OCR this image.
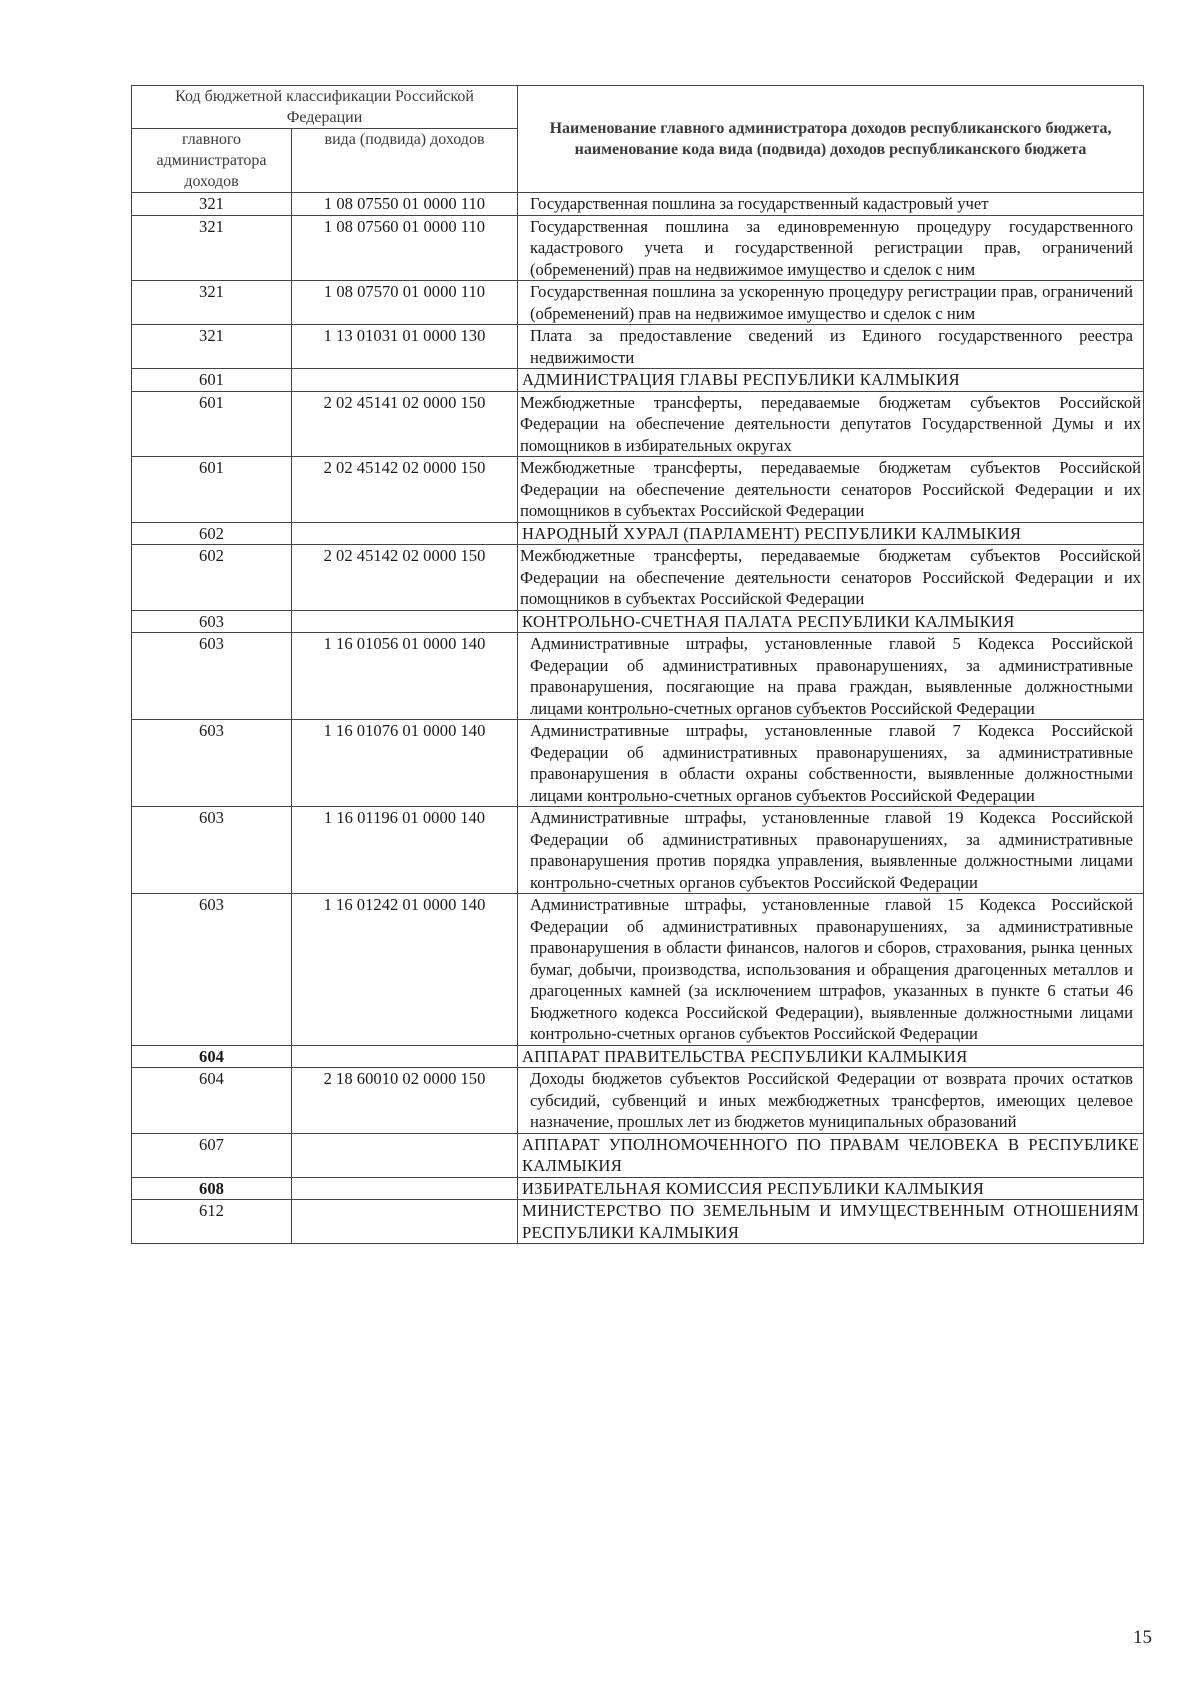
Код бюджетной классификации Российской Федерации		Наименование главного администратора доходов республиканского бюджета, наименование кода вида (подвида) доходов республиканского бюджета
главного администратора доходов	вида (подвида) доходов	
321	1 08 07550 01 0000 110	Государственная пошлина за государственный кадастровый учет
321	1 08 07560 01 0000 110	Государственная пошлина за единовременную процедуру государственного кадастрового учета и государственной регистрации прав, ограничений (обременений) прав на недвижимое имущество и сделок с ним
321	1 08 07570 01 0000 110	Государственная пошлина за ускоренную процедуру регистрации прав, ограничений (обременений) прав на недвижимое имущество и сделок с ним
321	1 13 01031 01 0000 130	Плата за предоставление сведений из Единого государственного реестра недвижимости
601		АДМИНИСТРАЦИЯ ГЛАВЫ РЕСПУБЛИКИ КАЛМЫКИЯ
601	2 02 45141 02 0000 150	Межбюджетные трансферты, передаваемые бюджетам субъектов Российской Федерации на обеспечение деятельности депутатов Государственной Думы и их помощников в избирательных округах
601	2 02 45142 02 0000 150	Межбюджетные трансферты, передаваемые бюджетам субъектов Российской Федерации на обеспечение деятельности сенаторов Российской Федерации и их помощников в субъектах Российской Федерации
602		НАРОДНЫЙ ХУРАЛ (ПАРЛАМЕНТ) РЕСПУБЛИКИ КАЛМЫКИЯ
602	2 02 45142 02 0000 150	Межбюджетные трансферты, передаваемые бюджетам субъектов Российской Федерации на обеспечение деятельности сенаторов Российской Федерации и их помощников в субъектах Российской Федерации
603		КОНТРОЛЬНО-СЧЕТНАЯ ПАЛАТА РЕСПУБЛИКИ КАЛМЫКИЯ
603	1 16 01056 01 0000 140	Административные штрафы, установленные главой 5 Кодекса Российской Федерации об административных правонарушениях, за административные правонарушения, посягающие на права граждан, выявленные должностными лицами контрольно-счетных органов субъектов Российской Федерации
603	1 16 01076 01 0000 140	Административные штрафы, установленные главой 7 Кодекса Российской Федерации об административных правонарушениях, за административные правонарушения в области охраны собственности, выявленные должностными лицами контрольно-счетных органов субъектов Российской Федерации
603	1 16 01196 01 0000 140	Административные штрафы, установленные главой 19 Кодекса Российской Федерации об административных правонарушениях, за административные правонарушения против порядка управления, выявленные должностными лицами контрольно-счетных органов субъектов Российской Федерации
603	1 16 01242 01 0000 140	Административные штрафы, установленные главой 15 Кодекса Российской Федерации об административных правонарушениях, за административные правонарушения в области финансов, налогов и сборов, страхования, рынка ценных бумаг, добычи, производства, использования и обращения драгоценных металлов и драгоценных камней (за исключением штрафов, указанных в пункте 6 статьи 46 Бюджетного кодекса Российской Федерации), выявленные должностными лицами контрольно-счетных органов субъектов Российской Федерации
604		АППАРАТ ПРАВИТЕЛЬСТВА РЕСПУБЛИКИ КАЛМЫКИЯ
604	2 18 60010 02 0000 150	Доходы бюджетов субъектов Российской Федерации от возврата прочих остатков субсидий, субвенций и иных межбюджетных трансфертов, имеющих целевое назначение, прошлых лет из бюджетов муниципальных образований
607		АППАРАТ УПОЛНОМОЧЕННОГО ПО ПРАВАМ ЧЕЛОВЕКА В РЕСПУБЛИКЕ КАЛМЫКИЯ
608		ИЗБИРАТЕЛЬНАЯ КОМИССИЯ РЕСПУБЛИКИ КАЛМЫКИЯ
612		МИНИСТЕРСТВО ПО ЗЕМЕЛЬНЫМ И ИМУЩЕСТВЕННЫМ ОТНОШЕНИЯМ РЕСПУБЛИКИ КАЛМЫКИЯ
15
